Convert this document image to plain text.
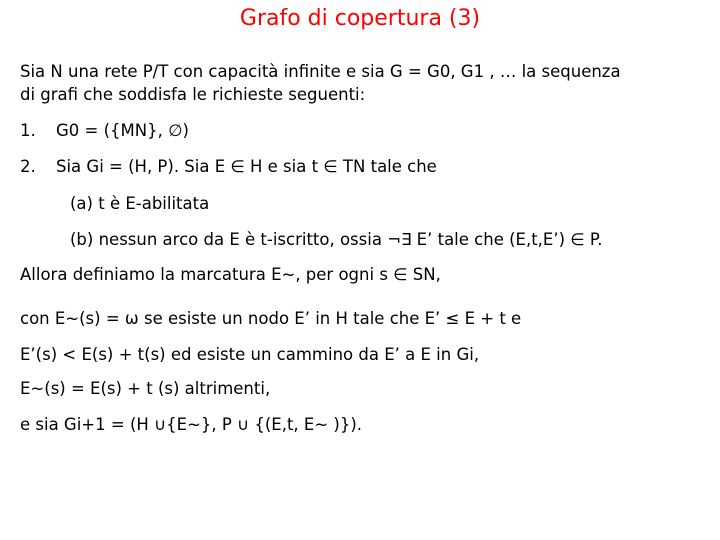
Grafo di copertura (3)
Sia N una rete P/T con capacità infinite e sia G = G0, G1 , … la sequenza
di grafi che soddisfa le richieste seguenti:
1. G0 = ({MN}, ∅)
2. Sia Gi = (H, P). Sia E ∈ H e sia t ∈ TN tale che
(a) t è E-abilitata
(b) nessun arco da E è t-iscritto, ossia ¬∃ E’ tale che (E,t,E’) ∈ P.
Allora definiamo la marcatura E~, per ogni s ∈ SN,
con E~(s) = ω se esiste un nodo E’ in H tale che E’ ≤ E + t e
E’(s) < E(s) + t(s) ed esiste un cammino da E’ a E in Gi,
E~(s) = E(s) + t (s) altrimenti,
e sia Gi+1 = (H ∪{E~}, P ∪ {(E,t, E~ )}).
